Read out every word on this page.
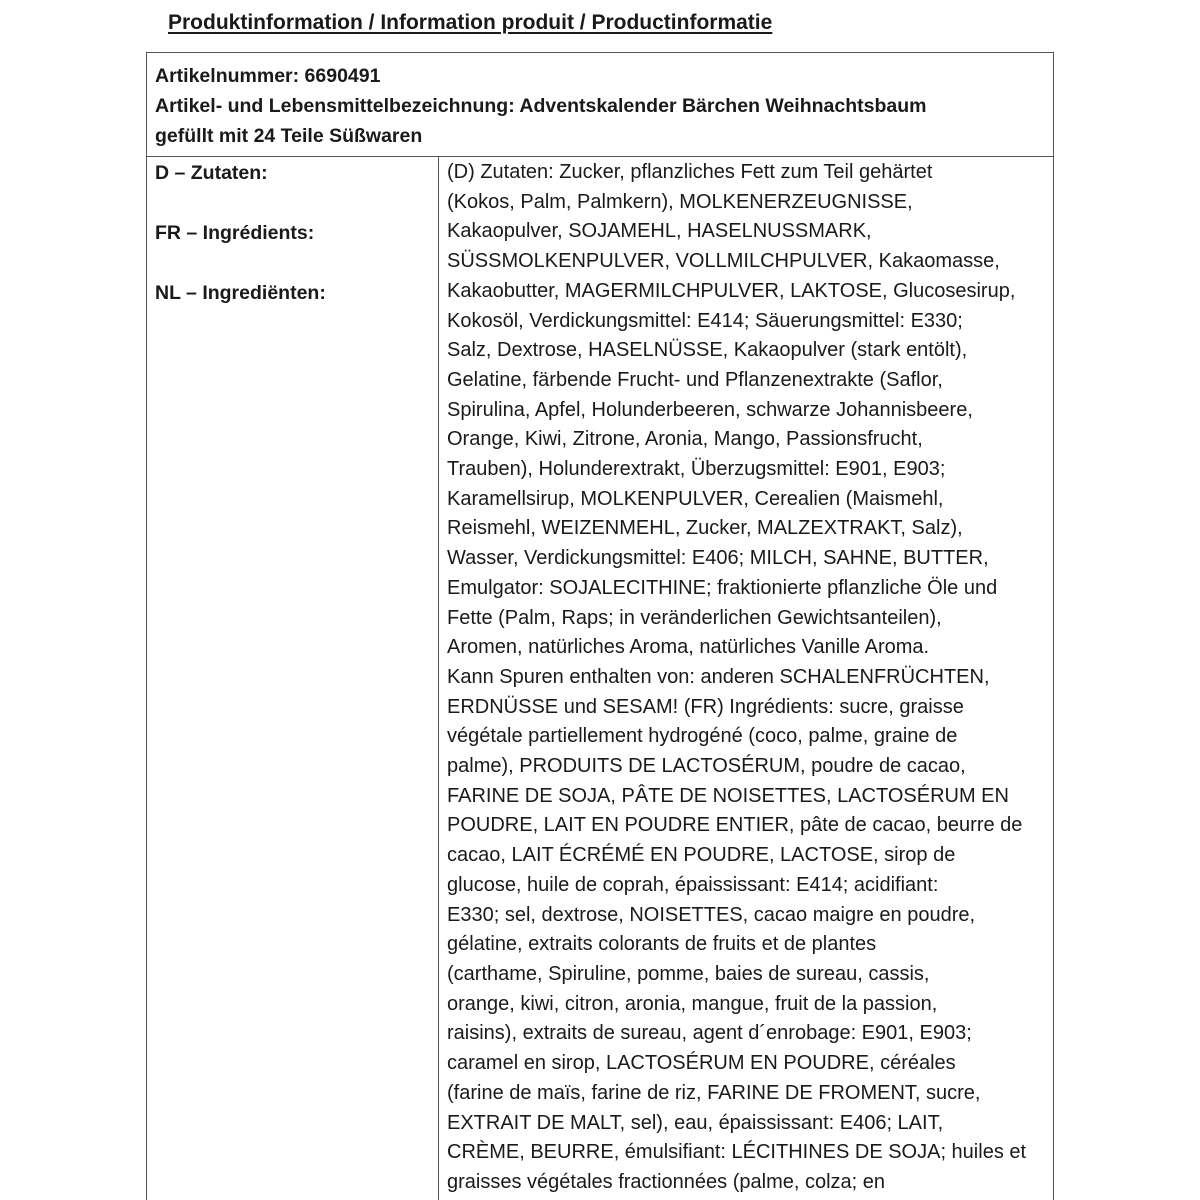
Produktinformation / Information produit / Productinformatie
Artikelnummer: 6690491
Artikel- und Lebensmittelbezeichnung: Adventskalender Bärchen Weihnachtsbaum
gefüllt mit 24 Teile Süßwaren
D – Zutaten:
FR – Ingrédients:
NL – Ingrediënten:
(D) Zutaten: Zucker, pflanzliches Fett zum Teil gehärtet
(Kokos, Palm, Palmkern), MOLKENERZEUGNISSE,
Kakaopulver, SOJAMEHL, HASELNUSSMARK,
SÜSSMOLKENPULVER, VOLLMILCHPULVER, Kakaomasse,
Kakaobutter, MAGERMILCHPULVER, LAKTOSE, Glucosesirup,
Kokosöl, Verdickungsmittel: E414; Säuerungsmittel: E330;
Salz, Dextrose, HASELNÜSSE, Kakaopulver (stark entölt),
Gelatine, färbende Frucht- und Pflanzenextrakte (Saflor,
Spirulina, Apfel, Holunderbeeren, schwarze Johannisbeere,
Orange, Kiwi, Zitrone, Aronia, Mango, Passionsfrucht,
Trauben), Holunderextrakt, Überzugsmittel: E901, E903;
Karamellsirup, MOLKENPULVER, Cerealien (Maismehl,
Reismehl, WEIZENMEHL, Zucker, MALZEXTRAKT, Salz),
Wasser, Verdickungsmittel: E406; MILCH, SAHNE, BUTTER,
Emulgator: SOJALECITHINE; fraktionierte pflanzliche Öle und
Fette (Palm, Raps; in veränderlichen Gewichtsanteilen),
Aromen, natürliches Aroma, natürliches Vanille Aroma.
Kann Spuren enthalten von: anderen SCHALENFRÜCHTEN,
ERDNÜSSE und SESAM! (FR) Ingrédients: sucre, graisse
végétale partiellement hydrogéné (coco, palme, graine de
palme), PRODUITS DE LACTOSÉRUM, poudre de cacao,
FARINE DE SOJA, PÂTE DE NOISETTES, LACTOSÉRUM EN
POUDRE, LAIT EN POUDRE ENTIER, pâte de cacao, beurre de
cacao, LAIT ÉCRÉMÉ EN POUDRE, LACTOSE, sirop de
glucose, huile de coprah, épaississant: E414; acidifiant:
E330; sel, dextrose, NOISETTES, cacao maigre en poudre,
gélatine, extraits colorants de fruits et de plantes
(carthame, Spiruline, pomme, baies de sureau, cassis,
orange, kiwi, citron, aronia, mangue, fruit de la passion,
raisins), extraits de sureau, agent d´enrobage: E901, E903;
caramel en sirop, LACTOSÉRUM EN POUDRE, céréales
(farine de maïs, farine de riz, FARINE DE FROMENT, sucre,
EXTRAIT DE MALT, sel), eau, épaississant: E406; LAIT,
CRÈME, BEURRE, émulsifiant: LÉCITHINES DE SOJA; huiles et
graisses végétales fractionnées (palme, colza; en
